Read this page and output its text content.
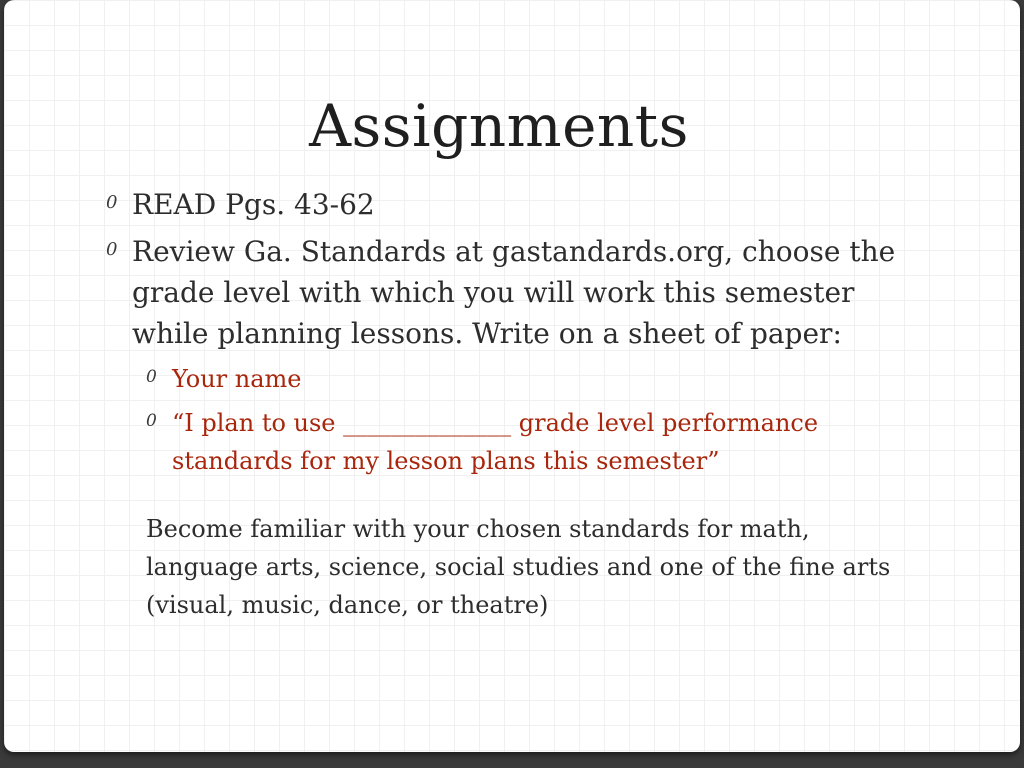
Assignments
0 READ Pgs. 43-62
0 Review Ga. Standards at gastandards.org, choose the grade level with which you will work this semester while planning lessons. Write on a sheet of paper:
0 Your name
0 “I plan to use ______________ grade level performance standards for my lesson plans this semester”
Become familiar with your chosen standards for math, language arts, science, social studies and one of the fine arts (visual, music, dance, or theatre)
